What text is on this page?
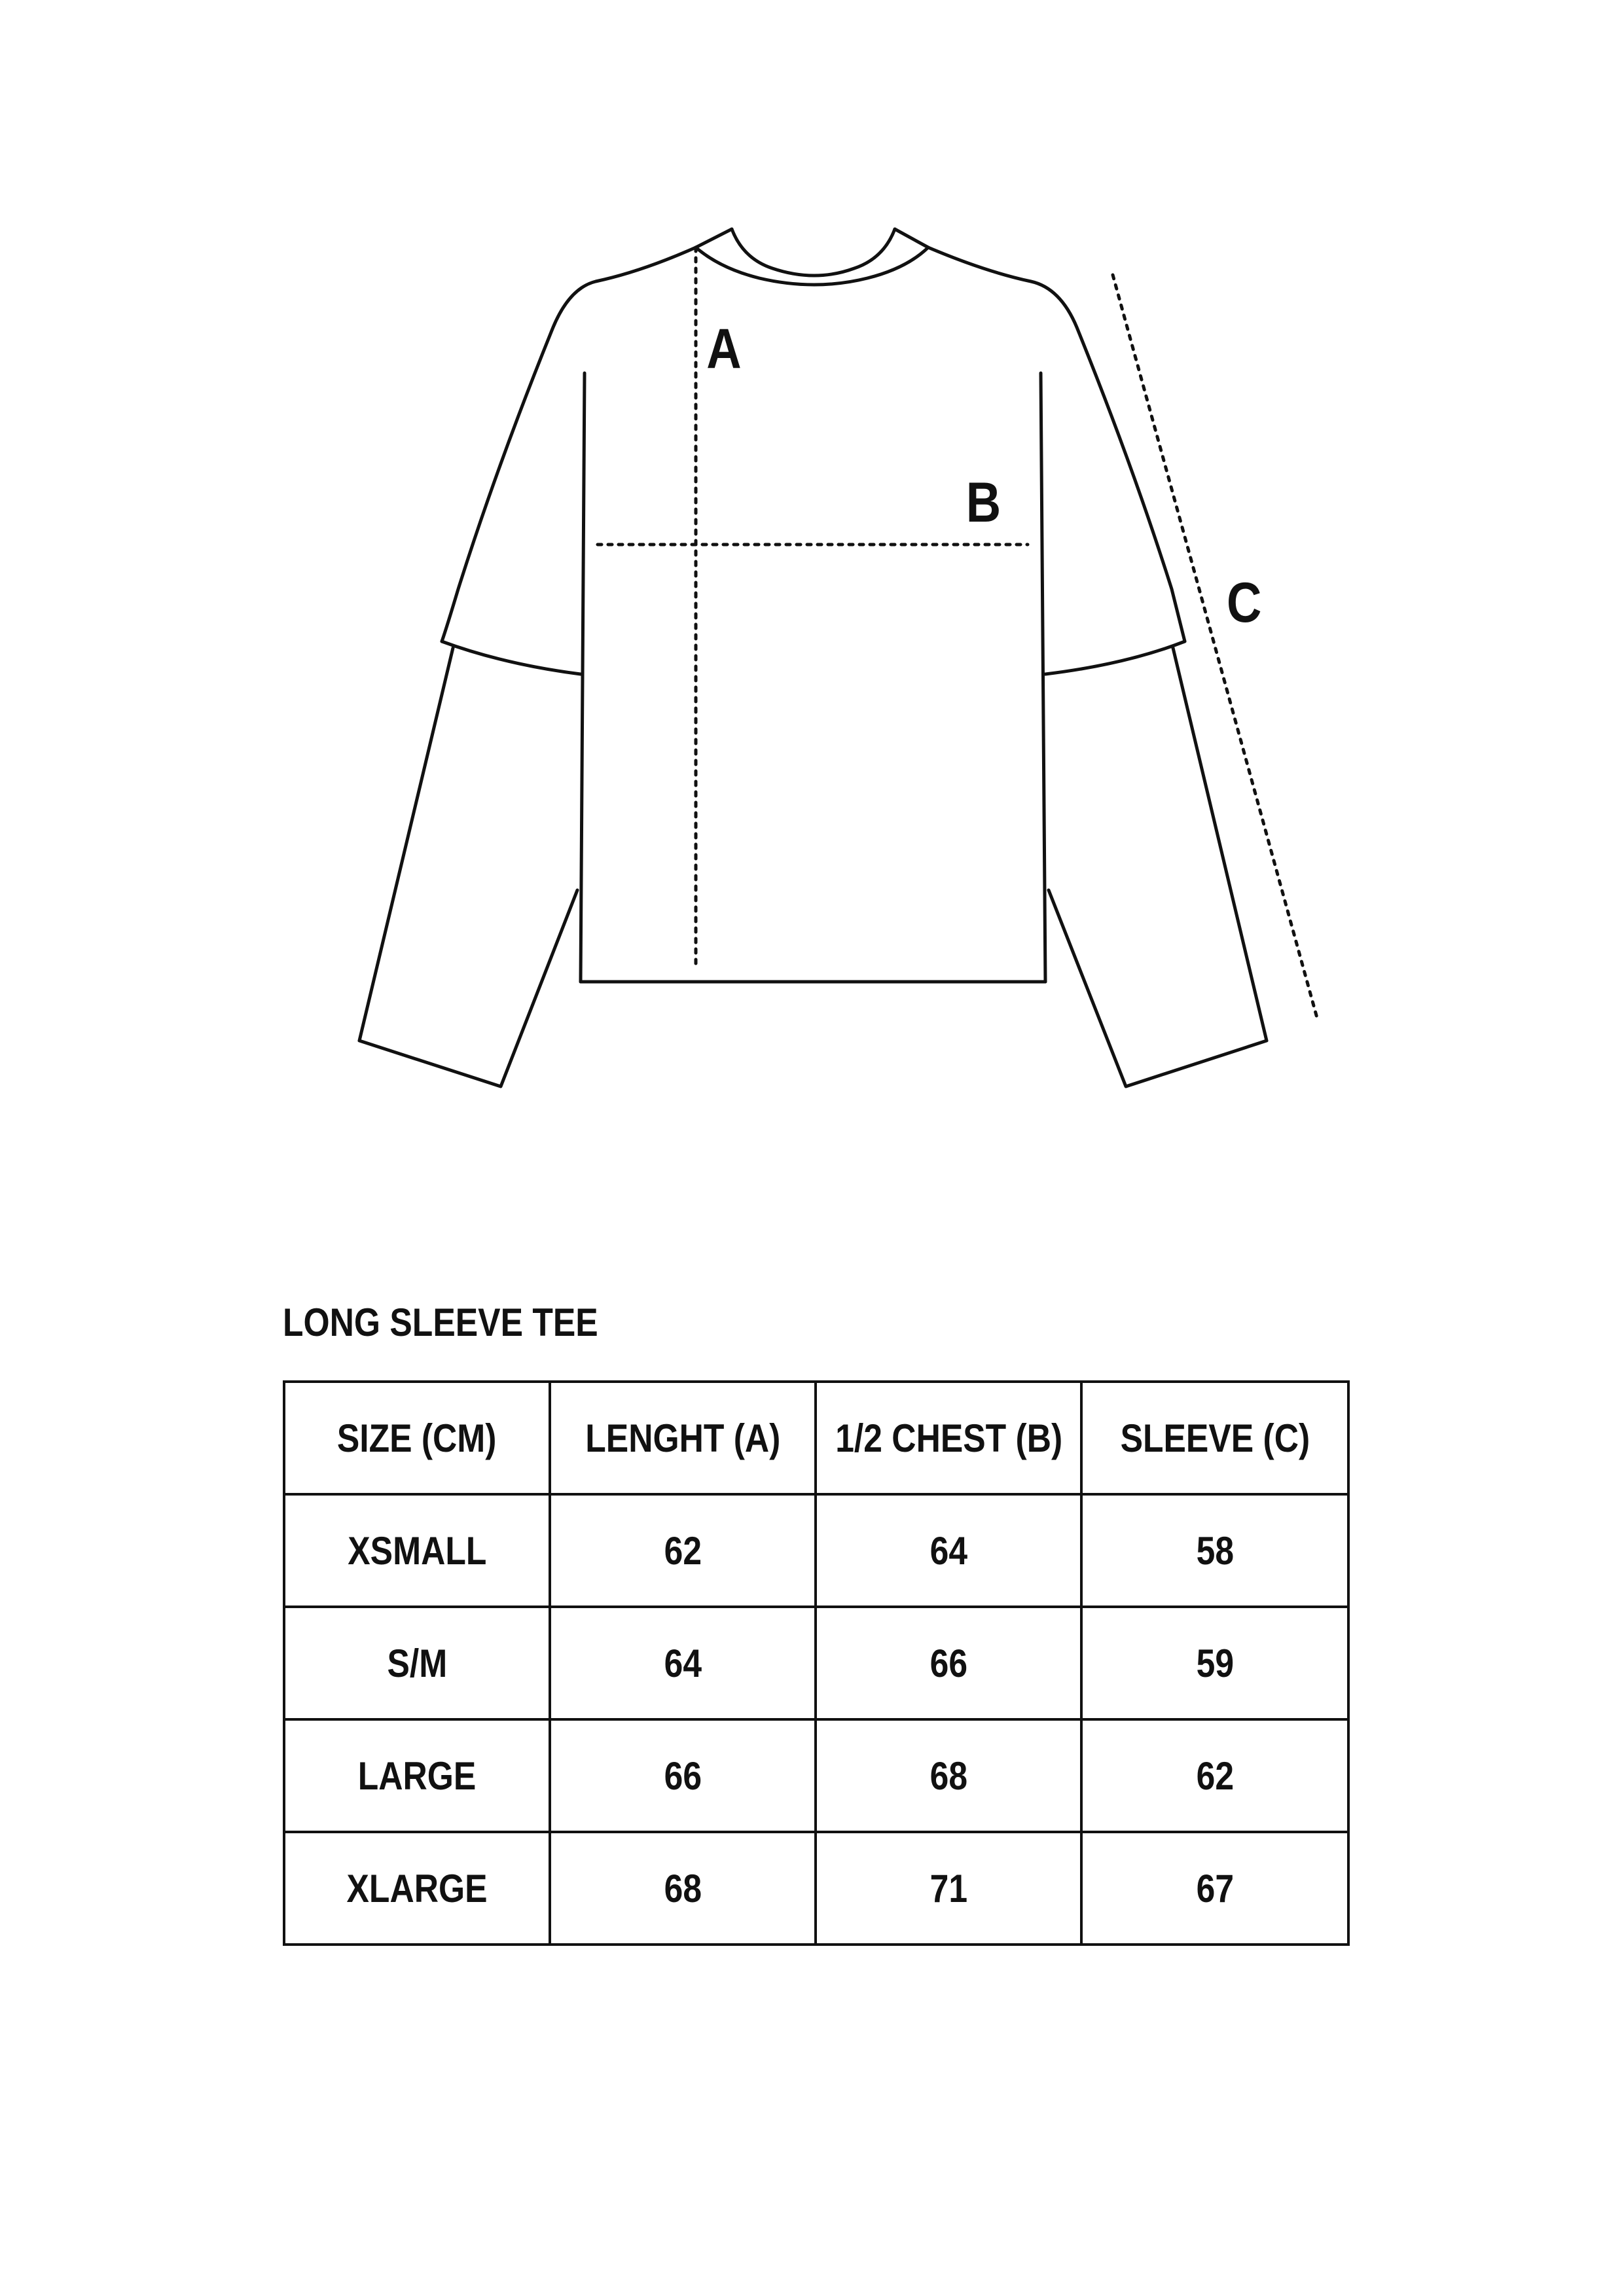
A
B
C
LONG SLEEVE TEE
SIZE (CM)	LENGHT (A)	1/2 CHEST (B)	SLEEVE (C)
XSMALL	62	64	58
S/M	64	66	59
LARGE	66	68	62
XLARGE	68	71	67
